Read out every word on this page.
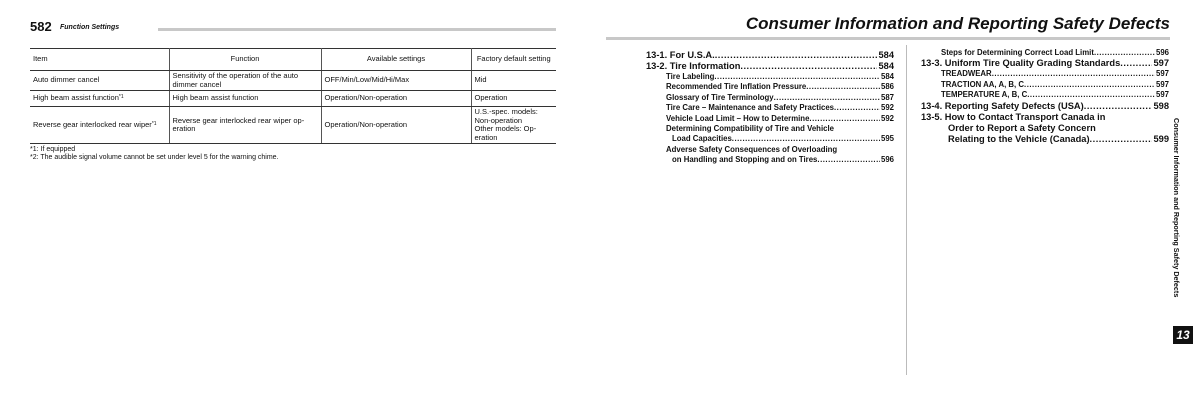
582 Function Settings
Item	Function	Available settings	Factory default setting
Auto dimmer cancel	Sensitivity of the operation of the auto dimmer cancel	OFF/Min/Low/Mid/Hi/Max	Mid
High beam assist function$^{*1}$	High beam assist function	Operation/Non-operation	Operation
Reverse gear interlocked rear wiper$^{*1}$	Reverse gear interlocked rear wiper op-eration	Operation/Non-operation	U.S.-spec. models:
Non-operation
Other models: Op-
eration
*1: If equipped
*2: The audible signal volume cannot be set under level 5 for the warning chime.
Consumer Information and Reporting Safety Defects
13-1. For U.S.A. .....	584
13-2. Tire Information .....	584
Tire Labeling .....	584
Recommended Tire Inflation Pressure .....	586
Glossary of Tire Terminology .....	587
Tire Care – Maintenance and Safety Practices .....	592
Vehicle Load Limit – How to Determine .....	592
Determining Compatibility of Tire and Vehicle
Load Capacities .....	595
Adverse Safety Consequences of Overloading
on Handling and Stopping and on Tires .....	596
Steps for Determining Correct Load Limit .....	596
13-3. Uniform Tire Quality Grading Standards .....	597
TREADWEAR .....	597
TRACTION AA, A, B, C .....	597
TEMPERATURE A, B, C .....	597
13-4. Reporting Safety Defects (USA) .....	598
13-5. How to Contact Transport Canada in
Order to Report a Safety Concern
Relating to the Vehicle (Canada) .....	599 Consumer Information and Reporting Safety Defects
13
